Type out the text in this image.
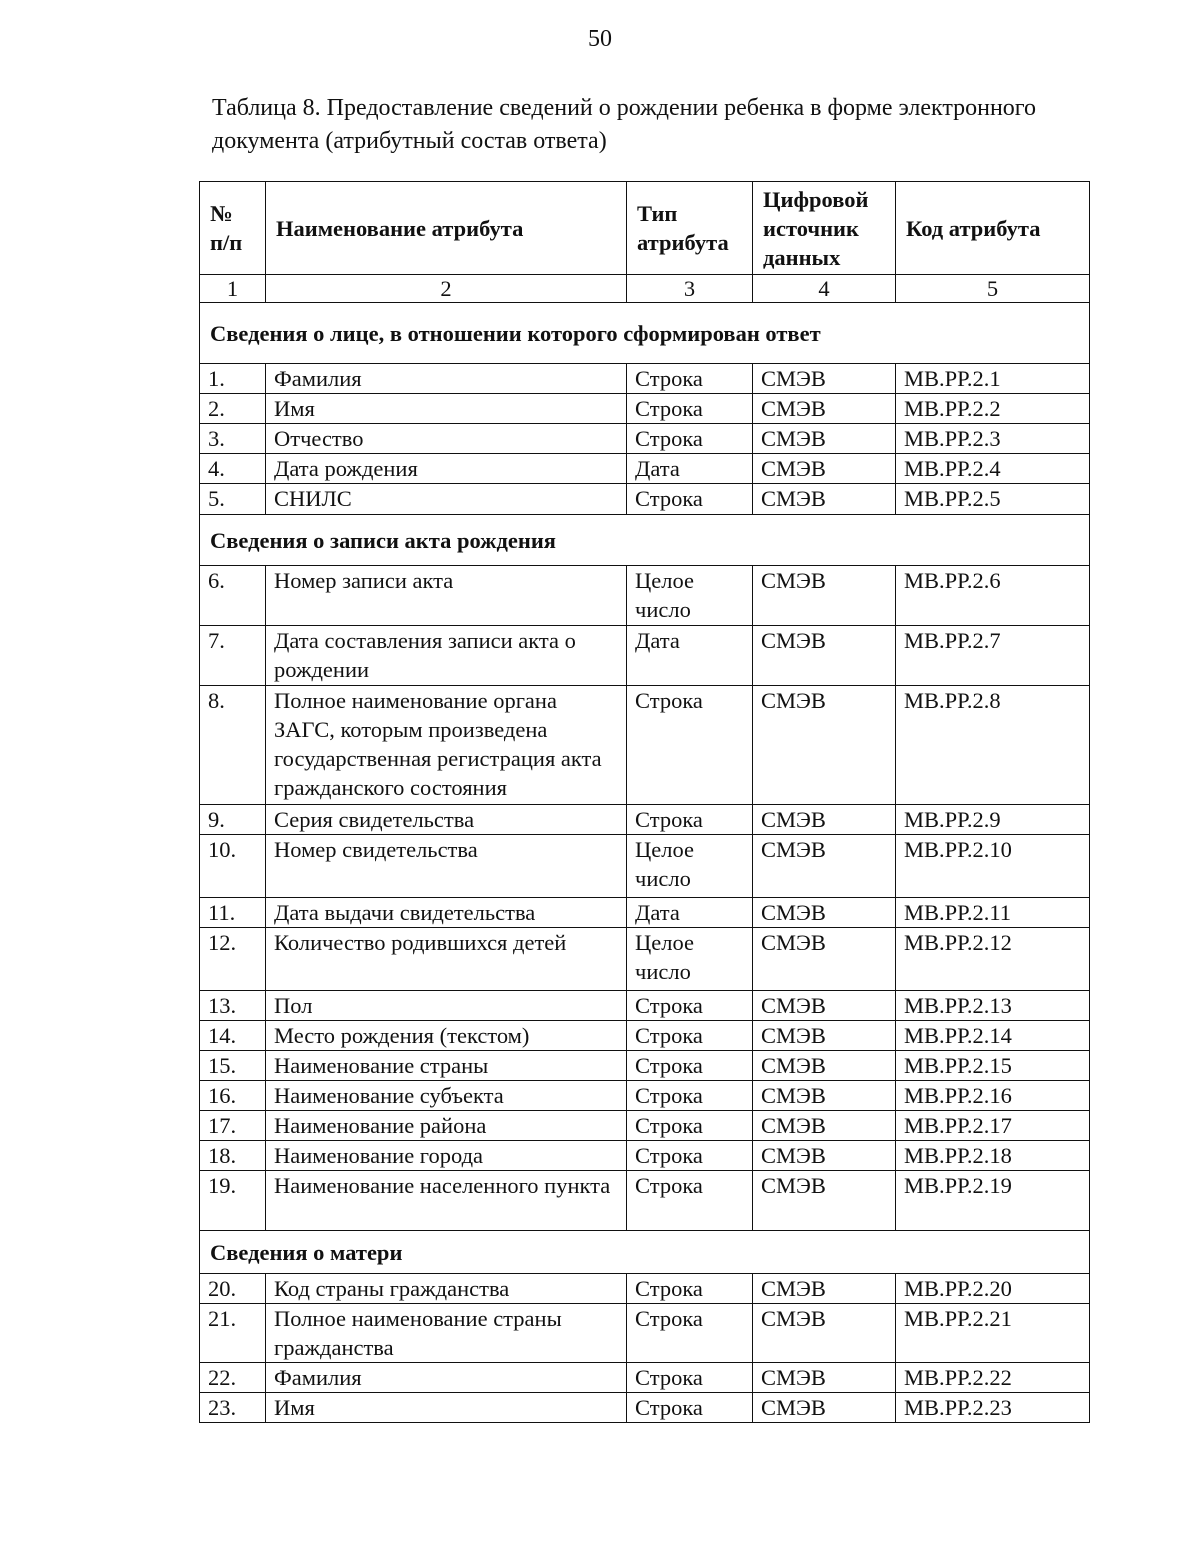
50
Таблица 8. Предоставление сведений о рождении ребенка в форме электронного документа (атрибутный состав ответа)
№ п/п	Наименование атрибута	Тип атрибута	Цифровой источник данных	Код атрибута
1	2	3	4	5
Сведения о лице, в отношении которого сформирован ответ				
1.	Фамилия	Строка	СМЭВ	МВ.РР.2.1
2.	Имя	Строка	СМЭВ	МВ.РР.2.2
3.	Отчество	Строка	СМЭВ	МВ.РР.2.3
4.	Дата рождения	Дата	СМЭВ	МВ.РР.2.4
5.	СНИЛС	Строка	СМЭВ	МВ.РР.2.5
Сведения о записи акта рождения				
6.	Номер записи акта	Целое число	СМЭВ	МВ.РР.2.6
7.	Дата составления записи акта о рождении	Дата	СМЭВ	МВ.РР.2.7
8.	Полное наименование органа ЗАГС, которым произведена государственная регистрация акта гражданского состояния	Строка	СМЭВ	МВ.РР.2.8
9.	Серия свидетельства	Строка	СМЭВ	МВ.РР.2.9
10.	Номер свидетельства	Целое число	СМЭВ	МВ.РР.2.10
11.	Дата выдачи свидетельства	Дата	СМЭВ	МВ.РР.2.11
12.	Количество родившихся детей	Целое число	СМЭВ	МВ.РР.2.12
13.	Пол	Строка	СМЭВ	МВ.РР.2.13
14.	Место рождения (текстом)	Строка	СМЭВ	МВ.РР.2.14
15.	Наименование страны	Строка	СМЭВ	МВ.РР.2.15
16.	Наименование субъекта	Строка	СМЭВ	МВ.РР.2.16
17.	Наименование района	Строка	СМЭВ	МВ.РР.2.17
18.	Наименование города	Строка	СМЭВ	МВ.РР.2.18
19.	Наименование населенного пункта	Строка	СМЭВ	МВ.РР.2.19
Сведения о матери				
20.	Код страны гражданства	Строка	СМЭВ	МВ.РР.2.20
21.	Полное наименование страны гражданства	Строка	СМЭВ	МВ.РР.2.21
22.	Фамилия	Строка	СМЭВ	МВ.РР.2.22
23.	Имя	Строка	СМЭВ	МВ.РР.2.23
